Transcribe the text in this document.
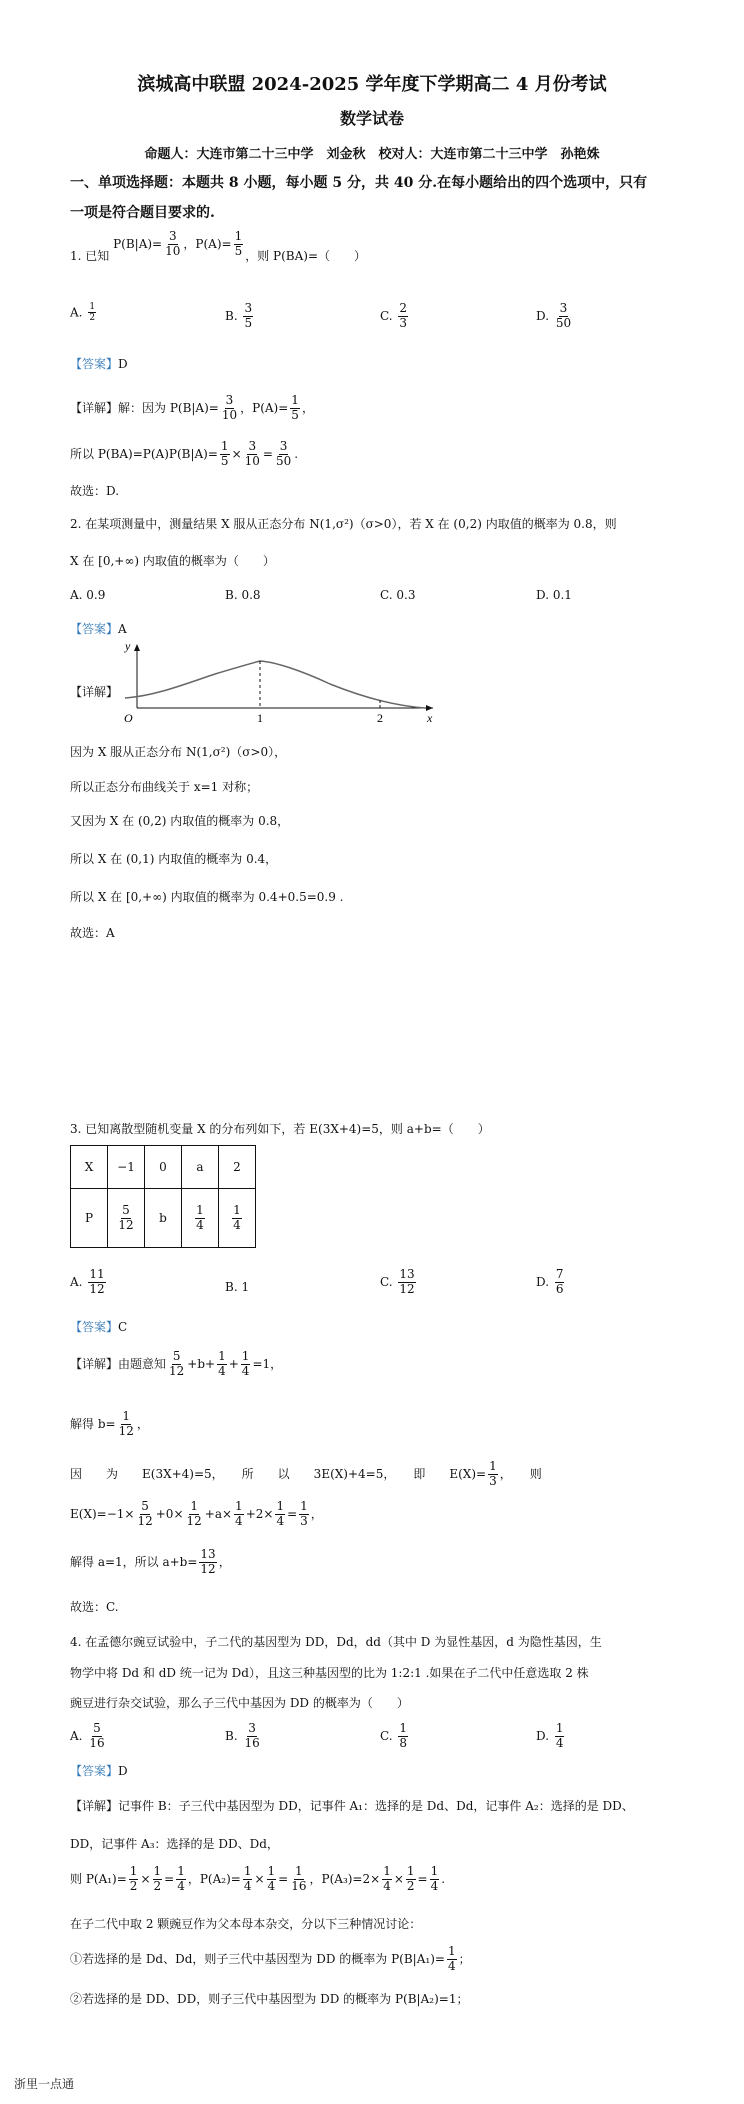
滨城高中联盟 2024-2025 学年度下学期高二 4 月份考试
数学试卷
命题人：大连市第二十三中学　刘金秋　校对人：大连市第二十三中学　孙艳姝
一、单项选择题：本题共 8 小题，每小题 5 分，共 40 分.在每小题给出的四个选项中，只有
一项是符合题目要求的.
1. 已知 $P(B|A)= \frac{3}{10}$ ，$P(A)= \frac{1}{5}$ ，则 P(BA)=（　　）
A. $\frac{1}{2}$	B. $\frac{3}{5}$	C. $\frac{2}{3}$	D. $\frac{3}{50}$
【答案】D
【详解】解：因为 $P(B|A)= \frac{3}{10}$ ，$P(A)= \frac{1}{5}$ ，
所以 $P(BA)=P(A)P(B|A)= \frac{1}{5} \times \frac{3}{10} = \frac{3}{50}$ .
故选：D.
2. 在某项测量中，测量结果 X 服从正态分布 N(1,σ²)（σ>0），若 X 在 (0,2) 内取值的概率为 0.8，则
X 在 [0,+∞) 内取值的概率为（　　）
A. 0.9	B. 0.8	C. 0.3	D. 0.1
【答案】A
【详解】
y
O	1	2	x
因为 X 服从正态分布 N(1,σ²)（σ>0），
所以正态分布曲线关于 x=1 对称；
又因为 X 在 (0,2) 内取值的概率为 0.8，
所以 X 在 (0,1) 内取值的概率为 0.4，
所以 X 在 [0,+∞) 内取值的概率为 0.4+0.5=0.9 .
故选：A
3. 已知离散型随机变量 X 的分布列如下，若 E(3X+4)=5，则 a+b=（　　）
X	−1	0	a	2
P	$\frac{5}{12}$	b	$\frac{1}{4}$	$\frac{1}{4}$
A. $\frac{11}{12}$	B. 1	C. $\frac{13}{12}$	D. $\frac{7}{6}$
【答案】C
【详解】由题意知 $\frac{5}{12} +b+ \frac{1}{4} + \frac{1}{4} =1$，
解得 $b= \frac{1}{12}$ ，
因　　为　　E(3X+4)=5，　　所　　以　　3E(X)+4=5，　　即　　$E(X)= \frac{1}{3}$ ，　　则
$E(X)=-1\times \frac{5}{12} +0\times \frac{1}{12} +a\times \frac{1}{4} +2\times \frac{1}{4} = \frac{1}{3}$ ，
解得 a=1，所以 $a+b= \frac{13}{12}$ ，
故选：C.
4. 在孟德尔豌豆试验中，子二代的基因型为 DD，Dd，dd（其中 D 为显性基因，d 为隐性基因，生
物学中将 Dd 和 dD 统一记为 Dd），且这三种基因型的比为 1:2:1 .如果在子二代中任意选取 2 株
豌豆进行杂交试验，那么子三代中基因为 DD 的概率为（　　）
A. $\frac{5}{16}$	B. $\frac{3}{16}$	C. $\frac{1}{8}$	D. $\frac{1}{4}$
【答案】D
【详解】记事件 B：子三代中基因型为 DD，记事件 A₁：选择的是 Dd、Dd，记事件 A₂：选择的是 DD、
DD，记事件 A₃：选择的是 DD、Dd，
则 $P(A_1)= \frac{1}{2} \times \frac{1}{2} = \frac{1}{4}$ ，$P(A_2)= \frac{1}{4} \times \frac{1}{4} = \frac{1}{16}$ ，$P(A_3)=2\times \frac{1}{4} \times \frac{1}{2} = \frac{1}{4}$ .
在子二代中取 2 颗豌豆作为父本母本杂交，分以下三种情况讨论：
①若选择的是 Dd、Dd，则子三代中基因型为 DD 的概率为 $P(B|A_1)= \frac{1}{4}$ ；
②若选择的是 DD、DD，则子三代中基因型为 DD 的概率为 P(B|A₂)=1；
浙里一点通
